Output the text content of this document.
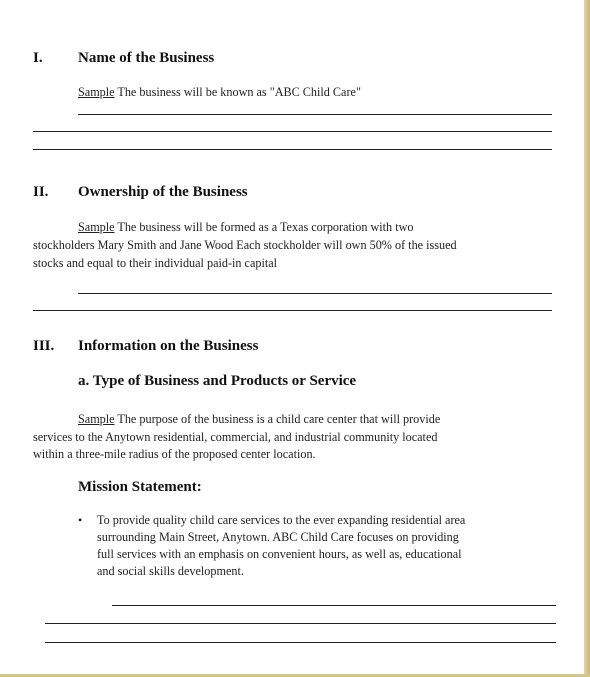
I. Name of the Business
Sample The business will be known as "ABC Child Care"
II. Ownership of the Business
Sample The business will be formed as a Texas corporation with two
stockholders Mary Smith and Jane Wood Each stockholder will own 50% of the issued
stocks and equal to their individual paid-in capital
III. Information on the Business
a. Type of Business and Products or Service
Sample The purpose of the business is a child care center that will provide
services to the Anytown residential, commercial, and industrial community located
within a three-mile radius of the proposed center location.
Mission Statement:
• To provide quality child care services to the ever expanding residential area
surrounding Main Street, Anytown. ABC Child Care focuses on providing
full services with an emphasis on convenient hours, as well as, educational
and social skills development.
